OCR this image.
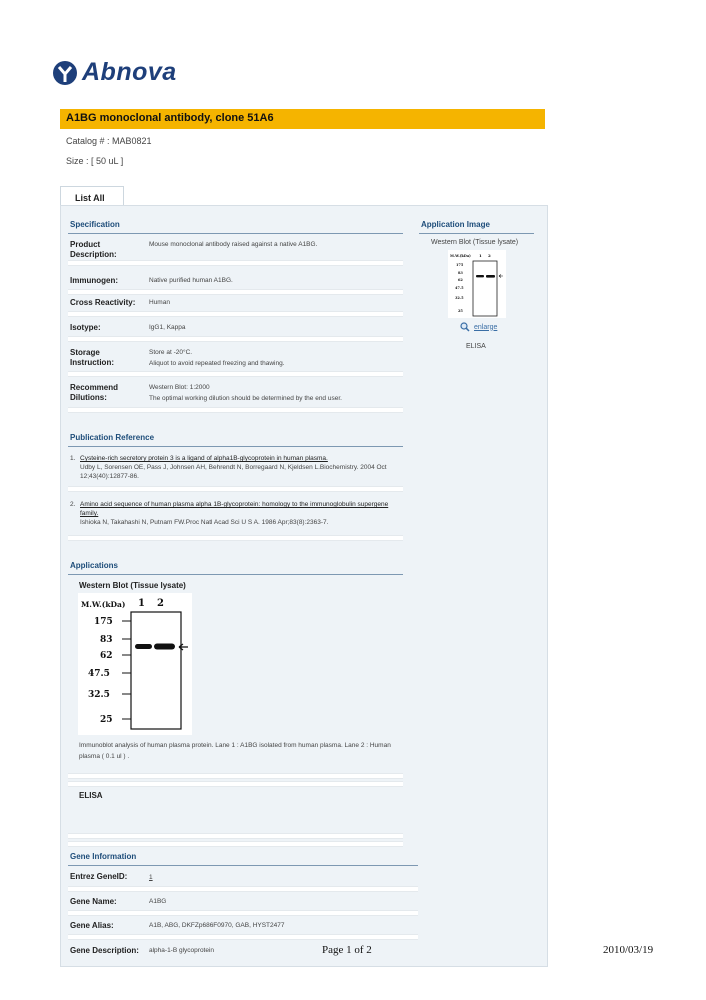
Abnova
A1BG monoclonal antibody, clone 51A6
Catalog # : MAB0821
Size : [ 50 uL ]
List All
Specification
Product Description:
Mouse monoclonal antibody raised against a native A1BG.
Immunogen:	Native purified human A1BG.
Cross Reactivity: Human
Isotype:	IgG1, Kappa
Storage Instruction:
Store at -20°C.
Aliquot to avoid repeated freezing and thawing.
Recommend Dilutions:
Western Blot: 1:2000
The optimal working dilution should be determined by the end user.
Application Image
Western Blot (Tissue lysate)
M.W.(kDa) 1 2
175
83
62
47.5
32.5
25
enlarge
ELISA
Publication Reference
1. Cysteine-rich secretory protein 3 is a ligand of alpha1B-glycoprotein in human plasma.
Udby L, Sorensen OE, Pass J, Johnsen AH, Behrendt N, Borregaard N, Kjeldsen L.Biochemistry. 2004 Oct 12;43(40):12877-86.
2. Amino acid sequence of human plasma alpha 1B-glycoprotein: homology to the immunoglobulin supergene family.
Ishioka N, Takahashi N, Putnam FW.Proc Natl Acad Sci U S A. 1986 Apr;83(8):2363-7.
Applications
Western Blot (Tissue lysate)
M.W.(kDa) 1 2
175
83
62
47.5
32.5
25
Immunoblot analysis of human plasma protein. Lane 1 : A1BG isolated from human plasma. Lane 2 : Human plasma ( 0.1 ul ) .
ELISA
Gene Information
Entrez GeneID:	1
Gene Name:	A1BG
Gene Alias:	A1B, ABG, DKFZp686F0970, GAB, HYST2477
Gene Description: alpha-1-B glycoprotein	Page 1 of 2	2010/03/19
